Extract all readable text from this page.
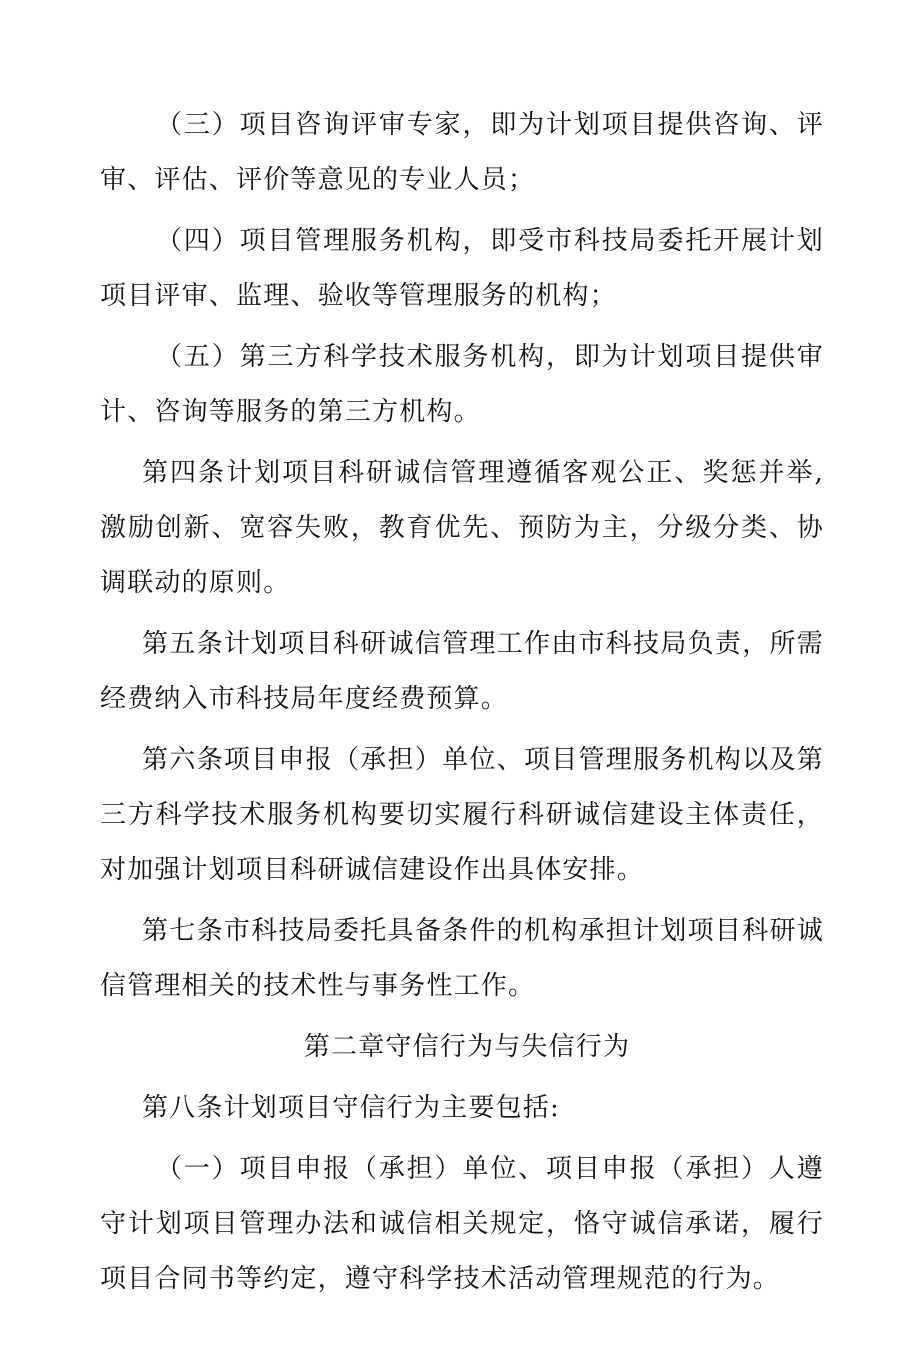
（三）项目咨询评审专家，即为计划项目提供咨询、评审、评估、评价等意见的专业人员；

（四）项目管理服务机构，即受市科技局委托开展计划项目评审、监理、验收等管理服务的机构；

（五）第三方科学技术服务机构，即为计划项目提供审计、咨询等服务的第三方机构。

第四条计划项目科研诚信管理遵循客观公正、奖惩并举,激励创新、宽容失败，教育优先、预防为主，分级分类、协调联动的原则。

第五条计划项目科研诚信管理工作由市科技局负责，所需经费纳入市科技局年度经费预算。

第六条项目申报（承担）单位、项目管理服务机构以及第三方科学技术服务机构要切实履行科研诚信建设主体责任，对加强计划项目科研诚信建设作出具体安排。

第七条市科技局委托具备条件的机构承担计划项目科研诚信管理相关的技术性与事务性工作。

第二章守信行为与失信行为

第八条计划项目守信行为主要包括:

（一）项目申报（承担）单位、项目申报（承担）人遵守计划项目管理办法和诚信相关规定，恪守诚信承诺，履行项目合同书等约定，遵守科学技术活动管理规范的行为。
